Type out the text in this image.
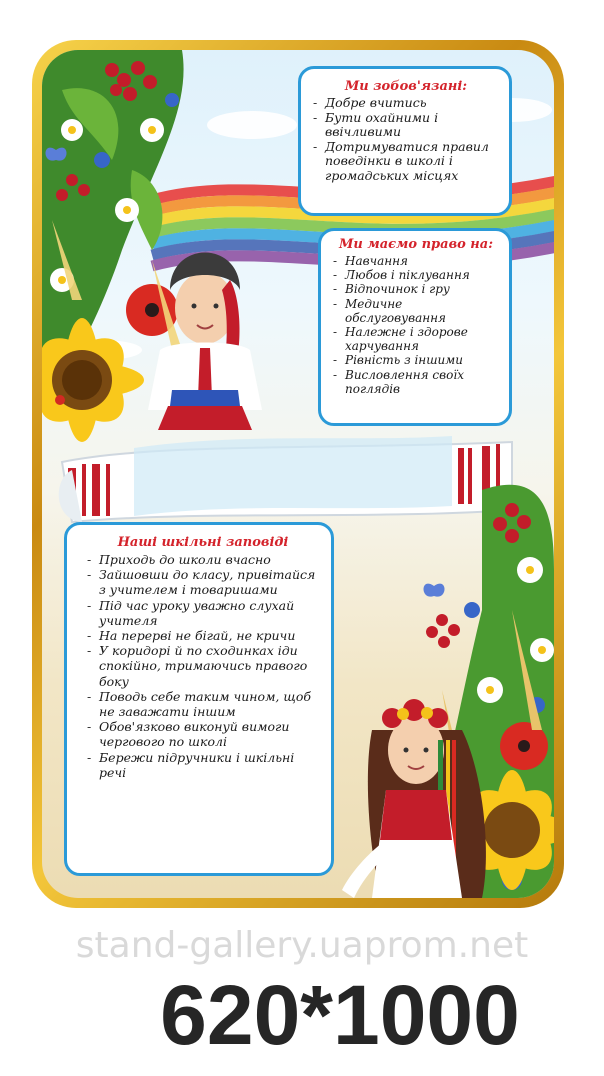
Ми зобов'язані:

- Добре вчитись
- Бути охайними і ввічливими
- Дотримуватися правил поведінки в школі і громадських місцях

Ми маємо право на:

- Навчання
- Любов і піклування
- Відпочинок і гру
- Медичне обслуговування
- Належне і здорове харчування
- Рівність з іншими
- Висловлення своїх поглядів

Наші шкільні заповіді

- Приходь до школи вчасно
- Зайшовши до класу, привітайся з учителем і товаришами
- Під час уроку уважно слухай учителя
- На перерві не бігай, не кричи
- У коридорі й по сходинках іди спокійно, тримаючись правого боку
- Поводь себе таким чином, щоб не заважати іншим
- Обов'язково виконуй вимоги чергового по школі
- Бережи підручники і шкільні речі
stand-gallery.uaprom.net
620*1000
